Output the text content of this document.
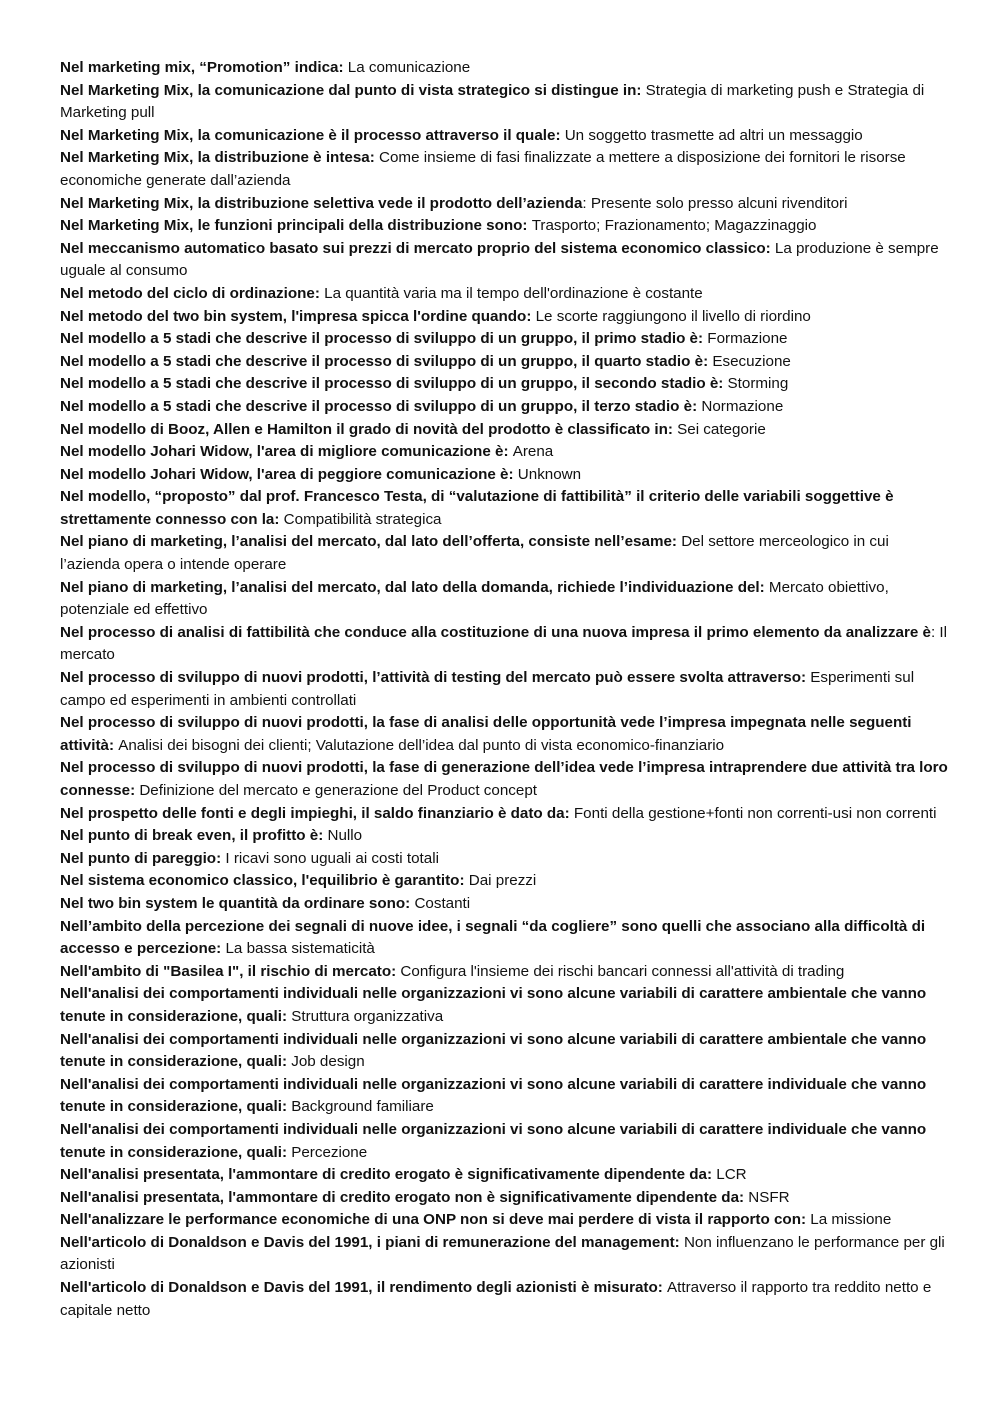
Nel marketing mix, “Promotion” indica: La comunicazione

Nel Marketing Mix, la comunicazione dal punto di vista strategico si distingue in: Strategia di marketing push e Strategia di Marketing pull

Nel Marketing Mix, la comunicazione è il processo attraverso il quale: Un soggetto trasmette ad altri un messaggio

Nel Marketing Mix, la distribuzione è intesa: Come insieme di fasi finalizzate a mettere a disposizione dei fornitori le risorse economiche generate dall’azienda

Nel Marketing Mix, la distribuzione selettiva vede il prodotto dell’azienda: Presente solo presso alcuni rivenditori

Nel Marketing Mix, le funzioni principali della distribuzione sono: Trasporto; Frazionamento; Magazzinaggio

Nel meccanismo automatico basato sui prezzi di mercato proprio del sistema economico classico: La produzione è sempre uguale al consumo

Nel metodo del ciclo di ordinazione: La quantità varia ma il tempo dell'ordinazione è costante

Nel metodo del two bin system, l'impresa spicca l'ordine quando: Le scorte raggiungono il livello di riordino

Nel modello a 5 stadi che descrive il processo di sviluppo di un gruppo, il primo stadio è: Formazione

Nel modello a 5 stadi che descrive il processo di sviluppo di un gruppo, il quarto stadio è: Esecuzione

Nel modello a 5 stadi che descrive il processo di sviluppo di un gruppo, il secondo stadio è: Storming

Nel modello a 5 stadi che descrive il processo di sviluppo di un gruppo, il terzo stadio è: Normazione

Nel modello di Booz, Allen e Hamilton il grado di novità del prodotto è classificato in: Sei categorie

Nel modello Johari Widow, l'area di migliore comunicazione è: Arena

Nel modello Johari Widow, l'area di peggiore comunicazione è: Unknown

Nel modello, “proposto” dal prof. Francesco Testa, di “valutazione di fattibilità” il criterio delle variabili soggettive è strettamente connesso con la: Compatibilità strategica

Nel piano di marketing, l’analisi del mercato, dal lato dell’offerta, consiste nell’esame: Del settore merceologico in cui l’azienda opera o intende operare

Nel piano di marketing, l’analisi del mercato, dal lato della domanda, richiede l’individuazione del: Mercato obiettivo, potenziale ed effettivo

Nel processo di analisi di fattibilità che conduce alla costituzione di una nuova impresa il primo elemento da analizzare è: Il mercato

Nel processo di sviluppo di nuovi prodotti, l’attività di testing del mercato può essere svolta attraverso: Esperimenti sul campo ed esperimenti in ambienti controllati

Nel processo di sviluppo di nuovi prodotti, la fase di analisi delle opportunità vede l’impresa impegnata nelle seguenti attività: Analisi dei bisogni dei clienti; Valutazione dell’idea dal punto di vista economico-finanziario

Nel processo di sviluppo di nuovi prodotti, la fase di generazione dell’idea vede l’impresa intraprendere due attività tra loro connesse: Definizione del mercato e generazione del Product concept

Nel prospetto delle fonti e degli impieghi, il saldo finanziario è dato da: Fonti della gestione+fonti non correnti-usi non correnti

Nel punto di break even, il profitto è: Nullo

Nel punto di pareggio: I ricavi sono uguali ai costi totali

Nel sistema economico classico, l'equilibrio è garantito: Dai prezzi

Nel two bin system le quantità da ordinare sono: Costanti

Nell’ambito della percezione dei segnali di nuove idee, i segnali “da cogliere” sono quelli che associano alla difficoltà di accesso e percezione: La bassa sistematicità

Nell'ambito di "Basilea I", il rischio di mercato: Configura l'insieme dei rischi bancari connessi all'attività di trading

Nell'analisi dei comportamenti individuali nelle organizzazioni vi sono alcune variabili di carattere ambientale che vanno tenute in considerazione, quali: Struttura organizzativa

Nell'analisi dei comportamenti individuali nelle organizzazioni vi sono alcune variabili di carattere ambientale che vanno tenute in considerazione, quali: Job design

Nell'analisi dei comportamenti individuali nelle organizzazioni vi sono alcune variabili di carattere individuale che vanno tenute in considerazione, quali: Background familiare

Nell'analisi dei comportamenti individuali nelle organizzazioni vi sono alcune variabili di carattere individuale che vanno tenute in considerazione, quali: Percezione

Nell'analisi presentata, l'ammontare di credito erogato è significativamente dipendente da: LCR

Nell'analisi presentata, l'ammontare di credito erogato non è significativamente dipendente da: NSFR

Nell'analizzare le performance economiche di una ONP non si deve mai perdere di vista il rapporto con: La missione

Nell'articolo di Donaldson e Davis del 1991, i piani di remunerazione del management: Non influenzano le performance per gli azionisti

Nell'articolo di Donaldson e Davis del 1991, il rendimento degli azionisti è misurato: Attraverso il rapporto tra reddito netto e capitale netto
